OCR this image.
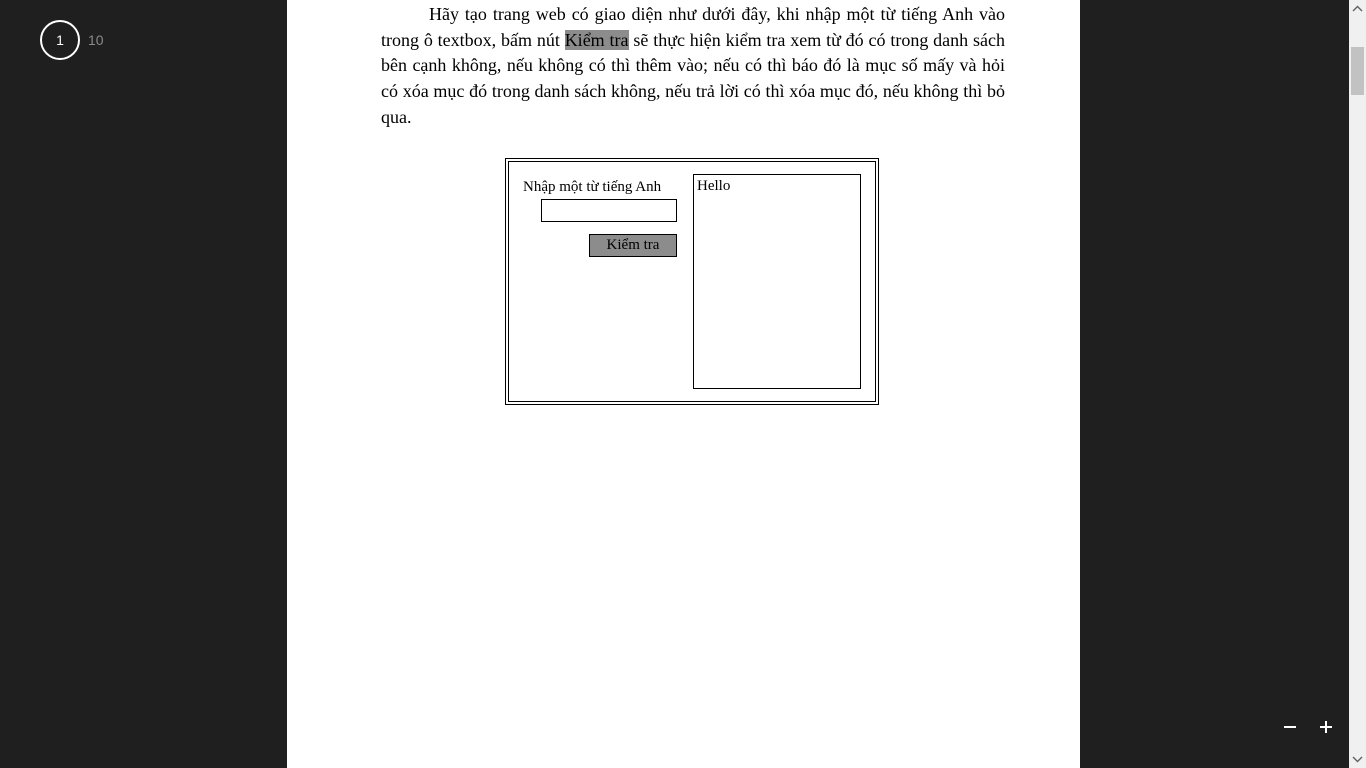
1	10

Hãy tạo trang web có giao diện như dưới đây, khi nhập một từ tiếng Anh vào trong ô textbox, bấm nút Kiểm tra sẽ thực hiện kiểm tra xem từ đó có trong danh sách bên cạnh không, nếu không có thì thêm vào; nếu có thì báo đó là mục số mấy và hỏi có xóa mục đó trong danh sách không, nếu trả lời có thì xóa mục đó, nếu không thì bỏ qua.

Nhập một từ tiếng Anh
Kiểm tra
Hello
